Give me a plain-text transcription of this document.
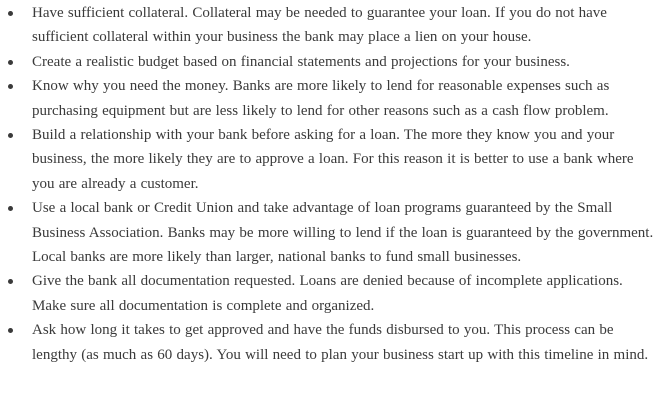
Have sufficient collateral. Collateral may be needed to guarantee your loan. If you do not have sufficient collateral within your business the bank may place a lien on your house.
Create a realistic budget based on financial statements and projections for your business.
Know why you need the money. Banks are more likely to lend for reasonable expenses such as purchasing equipment but are less likely to lend for other reasons such as a cash flow problem.
Build a relationship with your bank before asking for a loan. The more they know you and your business, the more likely they are to approve a loan. For this reason it is better to use a bank where you are already a customer.
Use a local bank or Credit Union and take advantage of loan programs guaranteed by the Small Business Association. Banks may be more willing to lend if the loan is guaranteed by the government. Local banks are more likely than larger, national banks to fund small businesses.
Give the bank all documentation requested. Loans are denied because of incomplete applications. Make sure all documentation is complete and organized.
Ask how long it takes to get approved and have the funds disbursed to you. This process can be lengthy (as much as 60 days). You will need to plan your business start up with this timeline in mind.
